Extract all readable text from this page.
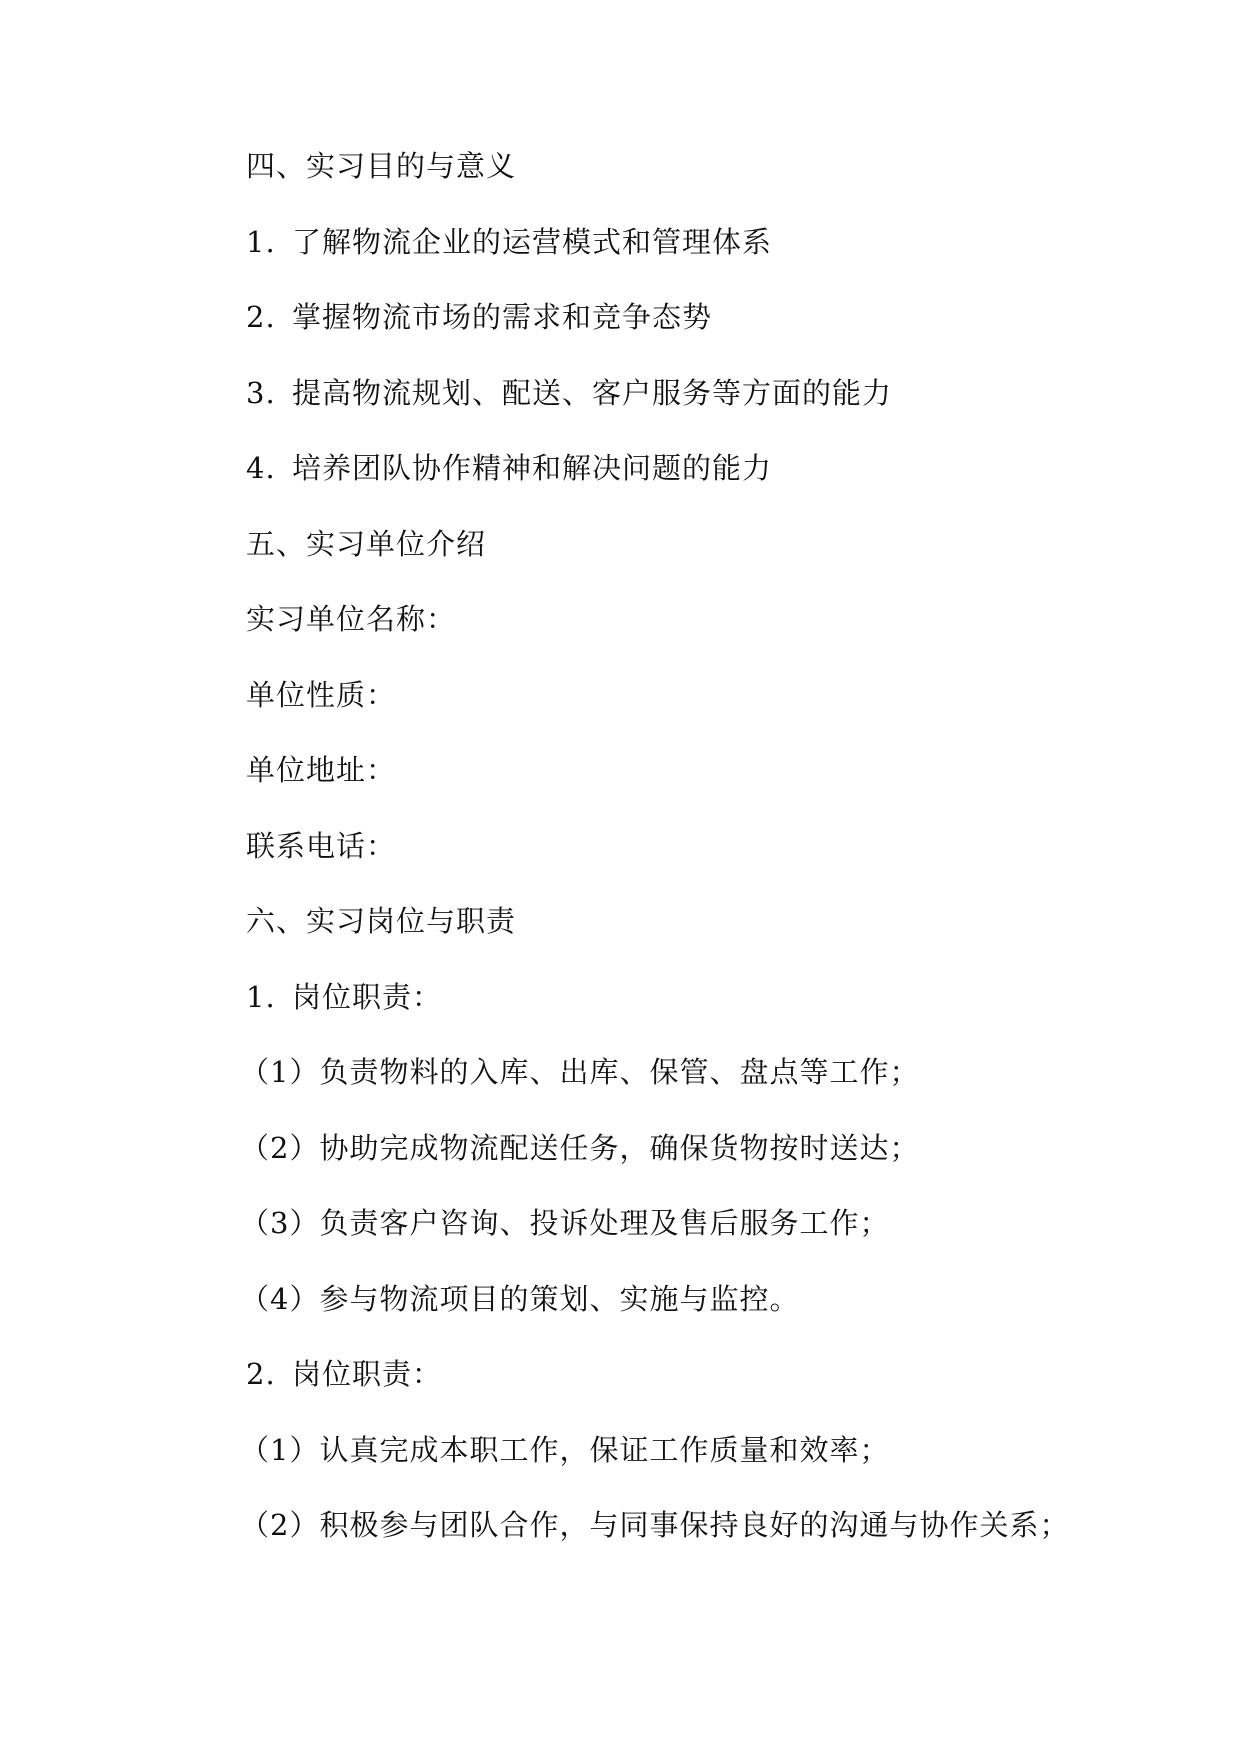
四、实习目的与意义
1. 了解物流企业的运营模式和管理体系
2. 掌握物流市场的需求和竞争态势
3. 提高物流规划、配送、客户服务等方面的能力
4. 培养团队协作精神和解决问题的能力
五、实习单位介绍
实习单位名称：
单位性质：
单位地址：
联系电话：
六、实习岗位与职责
1. 岗位职责：
（1）负责物料的入库、出库、保管、盘点等工作；
（2）协助完成物流配送任务，确保货物按时送达；
（3）负责客户咨询、投诉处理及售后服务工作；
（4）参与物流项目的策划、实施与监控。
2. 岗位职责：
（1）认真完成本职工作，保证工作质量和效率；
（2）积极参与团队合作，与同事保持良好的沟通与协作关系；
